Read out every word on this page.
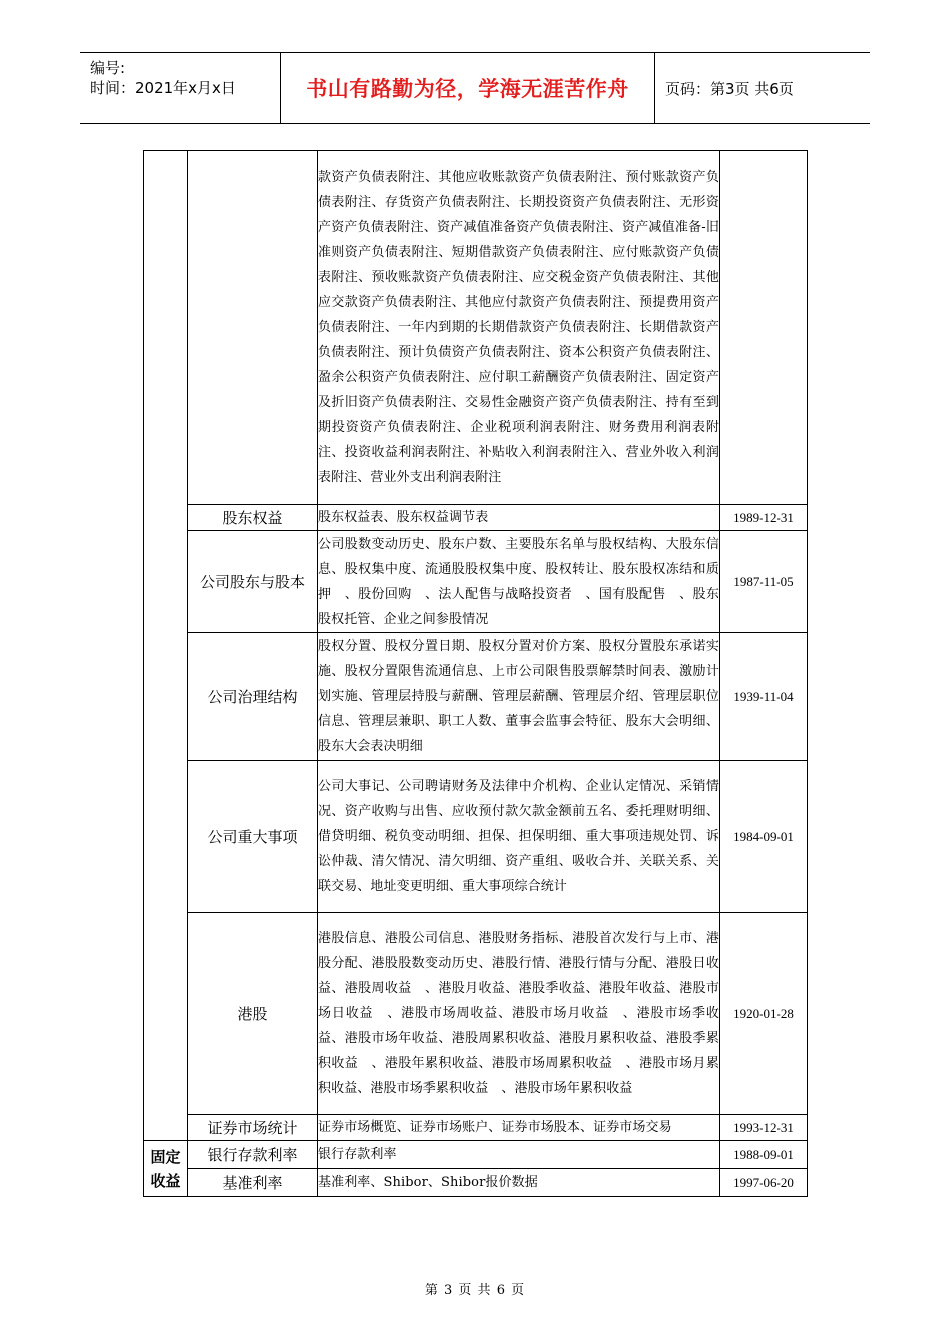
编号:
时间：2021年x月x日	书山有路勤为径，学海无涯苦作舟	页码：第3页 共6页
		款资产负债表附注、其他应收账款资产负债表附注、预付账款资产负债表附注、存货资产负债表附注、长期投资资产负债表附注、无形资产资产负债表附注、资产减值准备资产负债表附注、资产减值准备-旧准则资产负债表附注、短期借款资产负债表附注、应付账款资产负债表附注、预收账款资产负债表附注、应交税金资产负债表附注、其他应交款资产负债表附注、其他应付款资产负债表附注、预提费用资产负债表附注、一年内到期的长期借款资产负债表附注、长期借款资产负债表附注、预计负债资产负债表附注、资本公积资产负债表附注、盈余公积资产负债表附注、应付职工薪酬资产负债表附注、固定资产及折旧资产负债表附注、交易性金融资产资产负债表附注、持有至到期投资资产负债表附注、企业税项利润表附注、财务费用利润表附注、投资收益利润表附注、补贴收入利润表附注入、营业外收入利润表附注、营业外支出利润表附注	
	股东权益	股东权益表、股东权益调节表	1989-12-31
	公司股东与股本	公司股数变动历史、股东户数、主要股东名单与股权结构、大股东信息、股权集中度、流通股股权集中度、股权转让、股东股权冻结和质押　、股份回购　、法人配售与战略投资者　、国有股配售　、股东股权托管、企业之间参股情况	1987-11-05
	公司治理结构	股权分置、股权分置日期、股权分置对价方案、股权分置股东承诺实施、股权分置限售流通信息、上市公司限售股票解禁时间表、激励计划实施、管理层持股与薪酬、管理层薪酬、管理层介绍、管理层职位信息、管理层兼职、职工人数、董事会监事会特征、股东大会明细、股东大会表决明细	1939-11-04
	公司重大事项	公司大事记、公司聘请财务及法律中介机构、企业认定情况、采销情况、资产收购与出售、应收预付款欠款金额前五名、委托理财明细、借贷明细、税负变动明细、担保、担保明细、重大事项违规处罚、诉讼仲裁、清欠情况、清欠明细、资产重组、吸收合并、关联关系、关联交易、地址变更明细、重大事项综合统计	1984-09-01
	港股	港股信息、港股公司信息、港股财务指标、港股首次发行与上市、港股分配、港股股数变动历史、港股行情、港股行情与分配、港股日收益、港股周收益　、港股月收益、港股季收益、港股年收益、港股市场日收益　、港股市场周收益、港股市场月收益　、港股市场季收益、港股市场年收益、港股周累积收益、港股月累积收益、港股季累积收益　、港股年累积收益、港股市场周累积收益　、港股市场月累积收益、港股市场季累积收益　、港股市场年累积收益	1920-01-28
	证券市场统计	证券市场概览、证券市场账户、证券市场股本、证券市场交易	1993-12-31
固定收益	银行存款利率	银行存款利率	1988-09-01
	基准利率	基准利率、Shibor、Shibor报价数据	1997-06-20
第 3 页 共 6 页
